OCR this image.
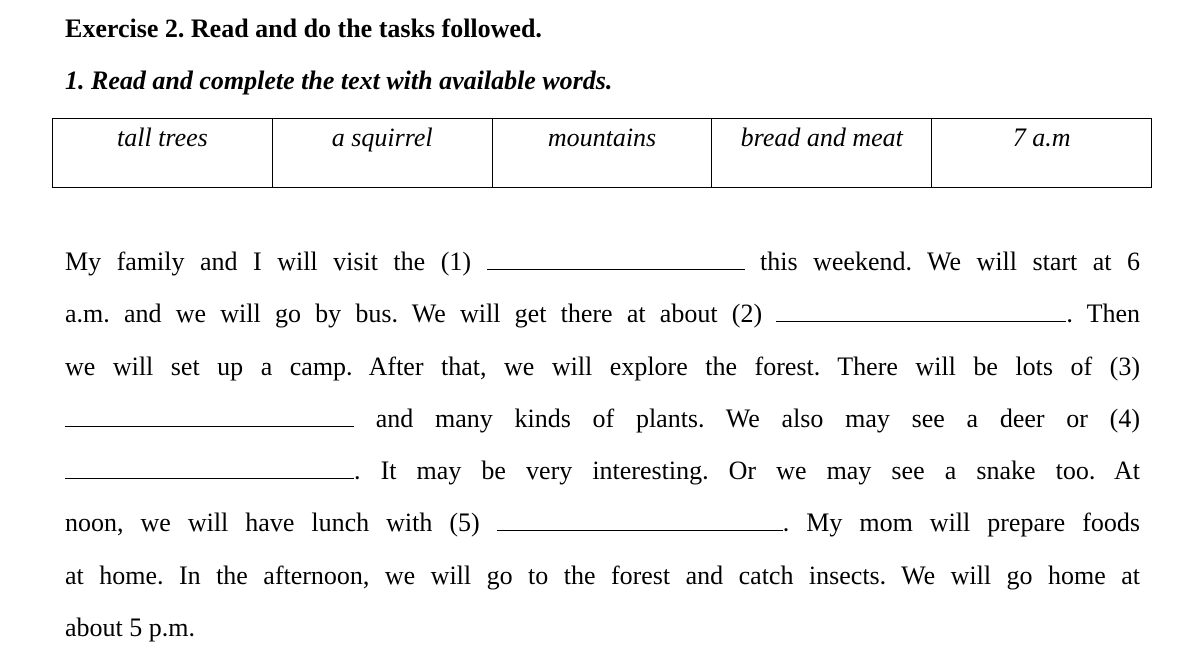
Exercise 2. Read and do the tasks followed.
1. Read and complete the text with available words.
tall trees	a squirrel	mountains	bread and meat	7 a.m
My family and I will visit the (1)	this weekend. We will start at 6
a.m. and we will go by bus. We will get there at about (2)	. Then
we will set up a camp. After that, we will explore the forest. There will be lots of (3)
and many kinds of plants. We also may see a deer or (4)
. It may be very interesting. Or we may see a snake too. At
noon, we will have lunch with (5)	. My mom will prepare foods
at home. In the afternoon, we will go to the forest and catch insects. We will go home at
about 5 p.m.
